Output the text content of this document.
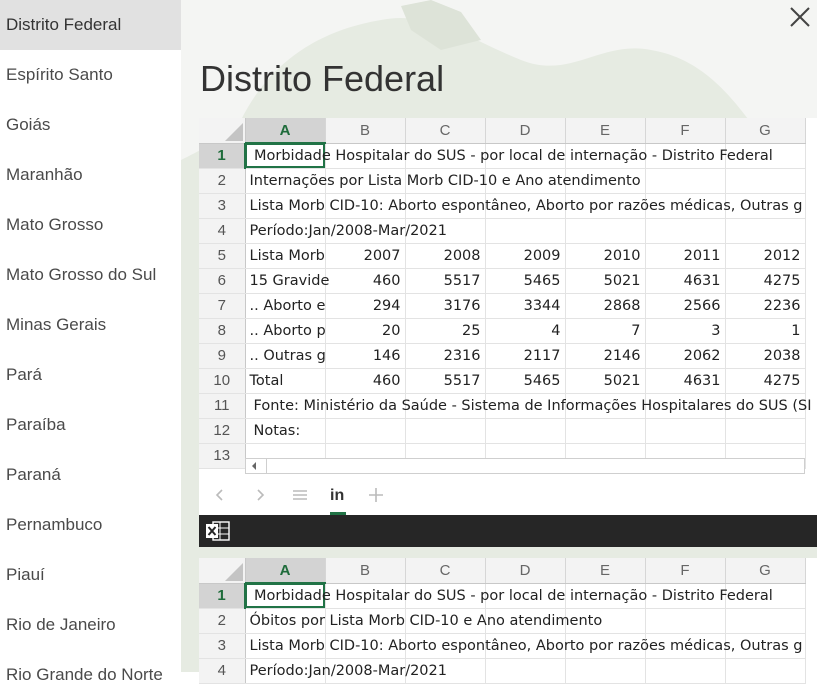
Distrito Federal
Espírito Santo
Goiás
Maranhão
Mato Grosso
Mato Grosso do Sul
Minas Gerais
Pará
Paraíba
Paraná
Pernambuco
Piauí
Rio de Janeiro
Rio Grande do Norte
Distrito Federal
	A	B	C	D	E	F	G	
1	Morbidade Hospitalar do SUS - por local de internação - Distrito Federal							

2	Internações por Lista Morb CID-10 e Ano atendimento							

3	Lista Morb CID-10: Aborto espontâneo, Aborto por razões médicas, Outras g							

4	Período:Jan/2008-Mar/2021							

5	Lista Morb	2007	2008	2009	2010	2011	2012	
6	15 Gravide	460	5517	5465	5021	4631	4275	
7	.. Aborto e	294	3176	3344	2868	2566	2236	
8	.. Aborto p	20	25	4	7	3	1	
9	.. Outras g	146	2316	2117	2146	2062	2038	
10	Total	460	5517	5465	5021	4631	4275	
11	Fonte: Ministério da Saúde - Sistema de Informações Hospitalares do SUS (SI							

12	Notas:							

13	

in
	A	B	C	D	E	F	G	
1	Morbidade Hospitalar do SUS - por local de internação - Distrito Federal							

2	Óbitos por Lista Morb CID-10 e Ano atendimento							

3	Lista Morb CID-10: Aborto espontâneo, Aborto por razões médicas, Outras g							

4	Período:Jan/2008-Mar/2021							
